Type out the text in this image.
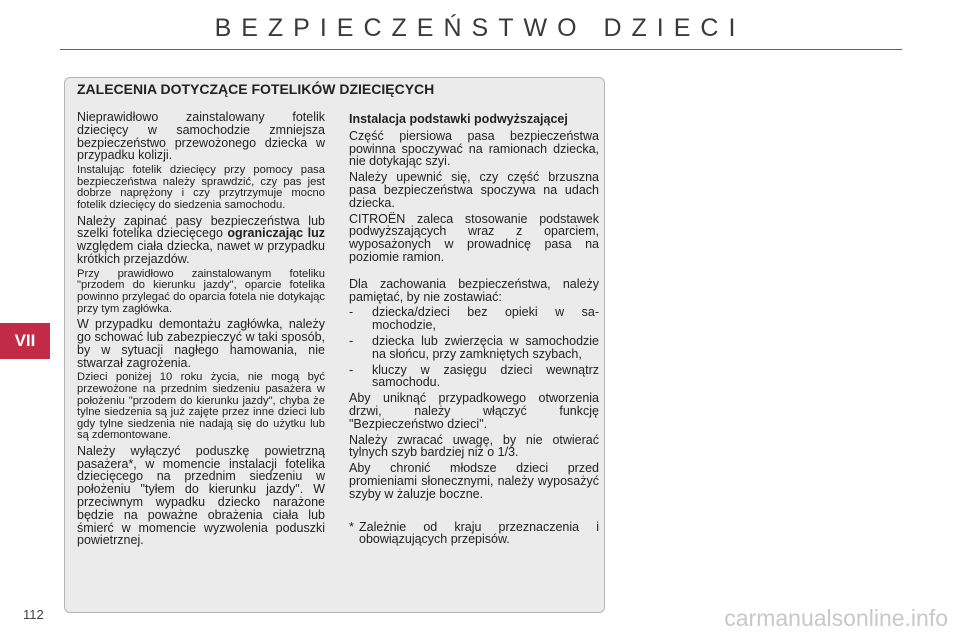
BEZPIECZEŃSTWO DZIECI
VII
112	carmanualsonline.info
ZALECENIA DOTYCZĄCE FOTELIKÓW DZIECIĘCYCH

Nieprawidłowo zainstalowany fotelik dziecięcy w samochodzie zmniejsza bezpieczeństwo przewożonego dziecka w przypadku kolizji.

Instalując fotelik dziecięcy przy pomocy pasa bezpieczeństwa należy sprawdzić, czy pas jest dobrze naprężony i czy przytrzymuje mocno fotelik dziecięcy do siedzenia samochodu.

Należy zapinać pasy bezpieczeństwa lub szelki fotelika dziecięcego ograniczając luz względem ciała dziecka, nawet w przypadku krótkich przejazdów.

Przy prawidłowo zainstalowanym foteliku "przodem do kierunku jazdy", oparcie fotelika powinno przylegać do oparcia fotela nie dotykając przy tym zagłówka.

W przypadku demontażu zagłówka, należy go schować lub zabezpieczyć w taki sposób, by w sytuacji nagłego hamowania, nie stwarzał zagrożenia.

Dzieci poniżej 10 roku życia, nie mogą być przewożone na przednim siedzeniu pasażera w położeniu "przodem do kierunku jazdy", chyba że tylne siedzenia są już zajęte przez inne dzieci lub gdy tylne siedzenia nie nadają się do użytku lub są zdemontowane.

Należy wyłączyć poduszkę powietrzną pasażera*, w momencie instalacji fotelika dziecięcego na przednim siedzeniu w położeniu "tyłem do kierunku jazdy". W przeciwnym wypadku dziecko narażone będzie na poważne obrażenia ciała lub śmierć w momencie wyzwolenia poduszki powietrznej.

Instalacja podstawki podwyższającej

Część piersiowa pasa bezpieczeństwa powinna spoczywać na ramionach dziecka, nie dotykając szyi.

Należy upewnić się, czy część brzuszna pasa bezpieczeństwa spoczywa na udach dziecka.

CITROËN zaleca stosowanie podstawek podwyższających wraz z oparciem, wyposażonych w prowadnicę pasa na poziomie ramion.

Dla zachowania bezpieczeństwa, należy pamiętać, by nie zostawiać:

-	dziecka/dzieci bez opieki w samochodzie,
-	dziecka lub zwierzęcia w samochodzie na słońcu, przy zamkniętych szybach,
-	kluczy w zasięgu dzieci wewnątrz samochodu.

Aby uniknąć przypadkowego otworzenia drzwi, należy włączyć funkcję "Bezpieczeństwo dzieci".

Należy zwracać uwagę, by nie otwierać tylnych szyb bardziej niż o 1/3.

Aby chronić młodsze dzieci przed promieniami słonecznymi, należy wyposażyć szyby w żaluzje boczne.

* Zależnie od kraju przeznaczenia i obowiązujących przepisów.
